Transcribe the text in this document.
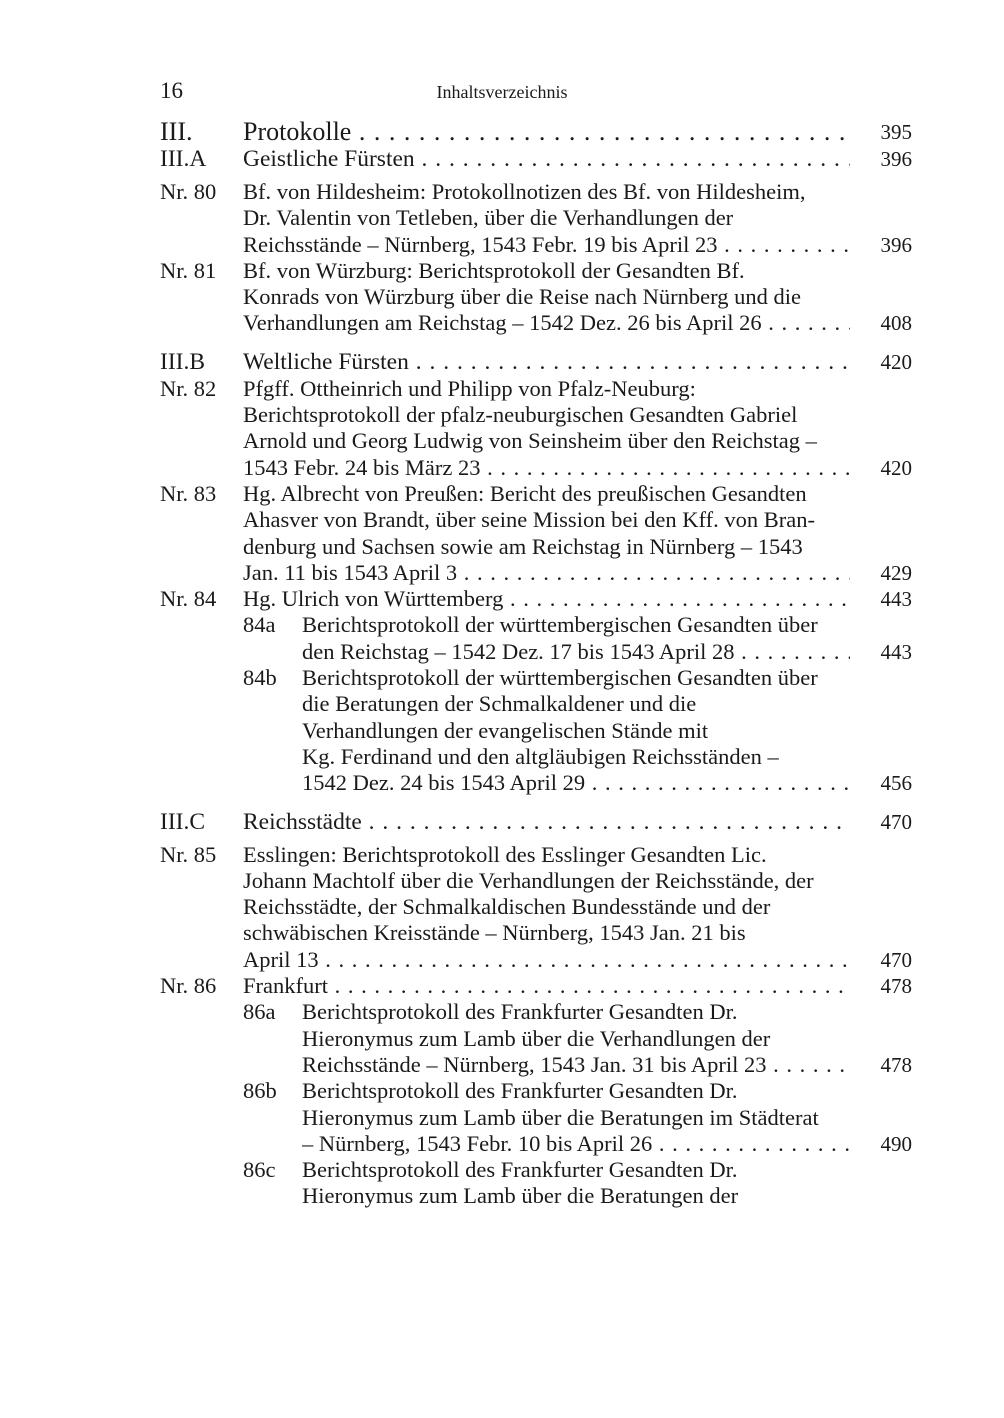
16	Inhaltsverzeichnis
III. Protokolle . . .	395
III.A Geistliche Fürsten . . .	396
Nr. 80 Bf. von Hildesheim: Protokollnotizen des Bf. von Hildesheim,
Dr. Valentin von Tetleben, über die Verhandlungen der
Reichsstände – Nürnberg, 1543 Febr. 19 bis April 23 . . .	396
Nr. 81 Bf. von Würzburg: Berichtsprotokoll der Gesandten Bf.
Konrads von Würzburg über die Reise nach Nürnberg und die
Verhandlungen am Reichstag – 1542 Dez. 26 bis April 26 . . .	408
III.B Weltliche Fürsten . . .	420
Nr. 82 Pfgff. Ottheinrich und Philipp von Pfalz-Neuburg:
Berichtsprotokoll der pfalz-neuburgischen Gesandten Gabriel
Arnold und Georg Ludwig von Seinsheim über den Reichstag –
1543 Febr. 24 bis März 23 . . .	420
Nr. 83 Hg. Albrecht von Preußen: Bericht des preußischen Gesandten
Ahasver von Brandt, über seine Mission bei den Kff. von Bran-
denburg und Sachsen sowie am Reichstag in Nürnberg – 1543
Jan. 11 bis 1543 April 3 . . .	429
Nr. 84 Hg. Ulrich von Württemberg . . .	443
84a Berichtsprotokoll der württembergischen Gesandten über
den Reichstag – 1542 Dez. 17 bis 1543 April 28 . . .	443
84b Berichtsprotokoll der württembergischen Gesandten über
die Beratungen der Schmalkaldener und die
Verhandlungen der evangelischen Stände mit
Kg. Ferdinand und den altgläubigen Reichsständen –
1542 Dez. 24 bis 1543 April 29 . . .	456
III.C Reichsstädte . . .	470
Nr. 85 Esslingen: Berichtsprotokoll des Esslinger Gesandten Lic.
Johann Machtolf über die Verhandlungen der Reichsstände, der
Reichsstädte, der Schmalkaldischen Bundesstände und der
schwäbischen Kreisstände – Nürnberg, 1543 Jan. 21 bis
April 13 . . .	470
Nr. 86 Frankfurt . . .	478
86a Berichtsprotokoll des Frankfurter Gesandten Dr.
Hieronymus zum Lamb über die Verhandlungen der
Reichsstände – Nürnberg, 1543 Jan. 31 bis April 23 . . .	478
86b Berichtsprotokoll des Frankfurter Gesandten Dr.
Hieronymus zum Lamb über die Beratungen im Städterat
– Nürnberg, 1543 Febr. 10 bis April 26 . . .	490
86c Berichtsprotokoll des Frankfurter Gesandten Dr.
Hieronymus zum Lamb über die Beratungen der
